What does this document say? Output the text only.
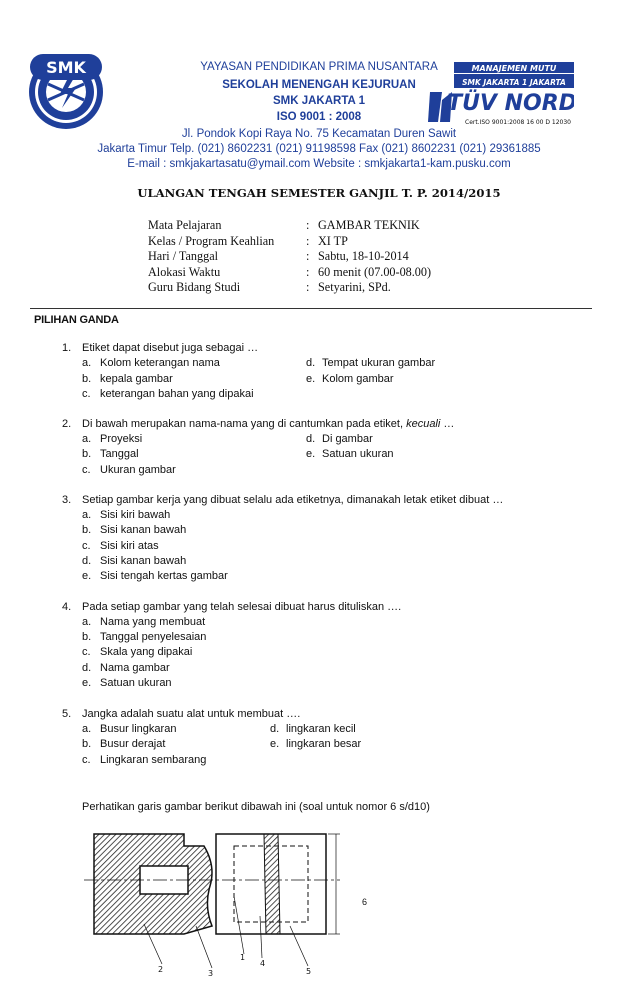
YAYASAN PENDIDIKAN PRIMA NUSANTARA
SEKOLAH MENENGAH KEJURUAN
SMK JAKARTA 1
ISO 9001 : 2008
Jl. Pondok Kopi Raya No. 75 Kecamatan Duren Sawit
Jakarta Timur Telp. (021) 8602231 (021) 91198598 Fax (021) 8602231 (021) 29361885
E-mail : smkjakartasatu@ymail.com Website : smkjakarta1-kam.pusku.com
SMK	MANAJEMEN MUTU
SMK JAKARTA 1 JAKARTA
TÜV NORD
Cert.ISO 9001:2008 16 00 D 12030
ULANGAN TENGAH SEMESTER GANJIL T. P. 2014/2015
Mata Pelajaran	: GAMBAR TEKNIK
Kelas / Program Keahlian	: XI TP
Hari / Tanggal	: Sabtu, 18-10-2014
Alokasi Waktu	: 60 menit (07.00-08.00)
Guru Bidang Studi	: Setyarini, SPd.
PILIHAN GANDA
1. Etiket dapat disebut juga sebagai …
a. Kolom keterangan nama	d. Tempat ukuran gambar
b. kepala gambar	e. Kolom gambar
c. keterangan bahan yang dipakai
2. Di bawah merupakan nama-nama yang di cantumkan pada etiket, kecuali …
a. Proyeksi	d. Di gambar
b. Tanggal	e. Satuan ukuran
c. Ukuran gambar
3. Setiap gambar kerja yang dibuat selalu ada etiketnya, dimanakah letak etiket dibuat …
a. Sisi kiri bawah
b. Sisi kanan bawah
c. Sisi kiri atas
d. Sisi kanan bawah
e. Sisi tengah kertas gambar
4. Pada setiap gambar yang telah selesai dibuat harus dituliskan ….
a. Nama yang membuat
b. Tanggal penyelesaian
c. Skala yang dipakai
d. Nama gambar
e. Satuan ukuran
5. Jangka adalah suatu alat untuk membuat ….
a. Busur lingkaran	d. lingkaran kecil
b. Busur derajat	e. lingkaran besar
c. Lingkaran sembarang
Perhatikan garis gambar berikut dibawah ini (soal untuk nomor 6 s/d10)
2	3
1
4
5
6
